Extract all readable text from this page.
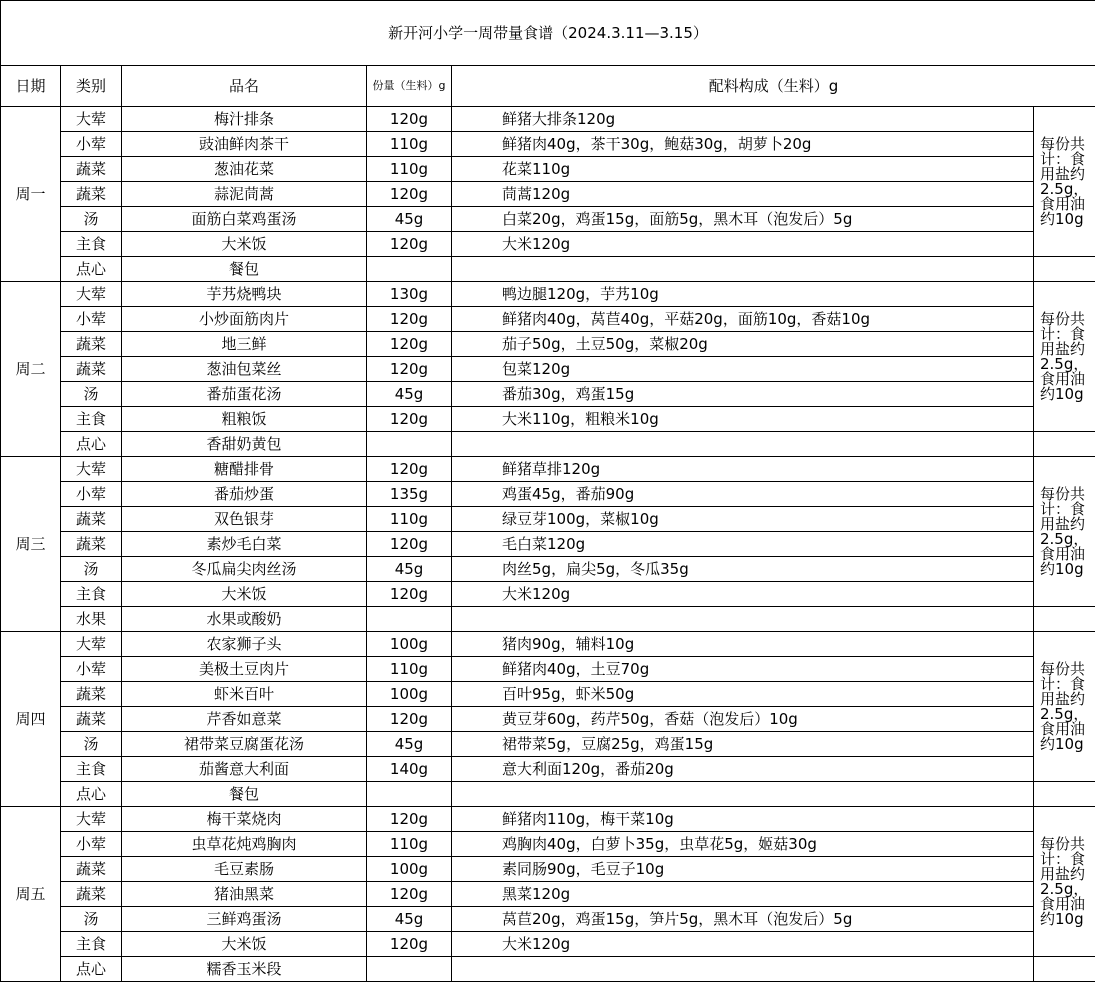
新开河小学一周带量食谱（2024.3.11—3.15）					
日期	类别	品名	份量（生料）g	配料构成（生料）g	
周一	大荤	梅汁排条	120g	鲜猪大排条120g	每份共计：食用盐约2.5g，食用油约10g
	小荤	豉油鲜肉茶干	110g	鲜猪肉40g，茶干30g，鲍菇30g，胡萝卜20g	
	蔬菜	葱油花菜	110g	花菜110g	
	蔬菜	蒜泥茼蒿	120g	茼蒿120g	
	汤	面筋白菜鸡蛋汤	45g	白菜20g，鸡蛋15g，面筋5g，黑木耳（泡发后）5g	
	主食	大米饭	120g	大米120g	
	点心	餐包			
周二	大荤	芋艿烧鸭块	130g	鸭边腿120g，芋艿10g	每份共计：食用盐约2.5g，食用油约10g
	小荤	小炒面筋肉片	120g	鲜猪肉40g，莴苣40g，平菇20g，面筋10g，香菇10g	
	蔬菜	地三鲜	120g	茄子50g，土豆50g，菜椒20g	
	蔬菜	葱油包菜丝	120g	包菜120g	
	汤	番茄蛋花汤	45g	番茄30g，鸡蛋15g	
	主食	粗粮饭	120g	大米110g，粗粮米10g	
	点心	香甜奶黄包			
周三	大荤	糖醋排骨	120g	鲜猪草排120g	每份共计：食用盐约2.5g，食用油约10g
	小荤	番茄炒蛋	135g	鸡蛋45g，番茄90g	
	蔬菜	双色银芽	110g	绿豆芽100g，菜椒10g	
	蔬菜	素炒毛白菜	120g	毛白菜120g	
	汤	冬瓜扁尖肉丝汤	45g	肉丝5g，扁尖5g，冬瓜35g	
	主食	大米饭	120g	大米120g	
	水果	水果或酸奶			
周四	大荤	农家狮子头	100g	猪肉90g，辅料10g	每份共计：食用盐约2.5g，食用油约10g
	小荤	美极土豆肉片	110g	鲜猪肉40g，土豆70g	
	蔬菜	虾米百叶	100g	百叶95g，虾米50g	
	蔬菜	芹香如意菜	120g	黄豆芽60g，药芹50g，香菇（泡发后）10g	
	汤	裙带菜豆腐蛋花汤	45g	裙带菜5g，豆腐25g，鸡蛋15g	
	主食	茄酱意大利面	140g	意大利面120g，番茄20g	
	点心	餐包			
周五	大荤	梅干菜烧肉	120g	鲜猪肉110g，梅干菜10g	每份共计：食用盐约2.5g，食用油约10g
	小荤	虫草花炖鸡胸肉	110g	鸡胸肉40g，白萝卜35g，虫草花5g，姬菇30g	
	蔬菜	毛豆素肠	100g	素同肠90g，毛豆子10g	
	蔬菜	猪油黑菜	120g	黑菜120g	
	汤	三鲜鸡蛋汤	45g	莴苣20g，鸡蛋15g，笋片5g，黑木耳（泡发后）5g	
	主食	大米饭	120g	大米120g	
	点心	糯香玉米段			
